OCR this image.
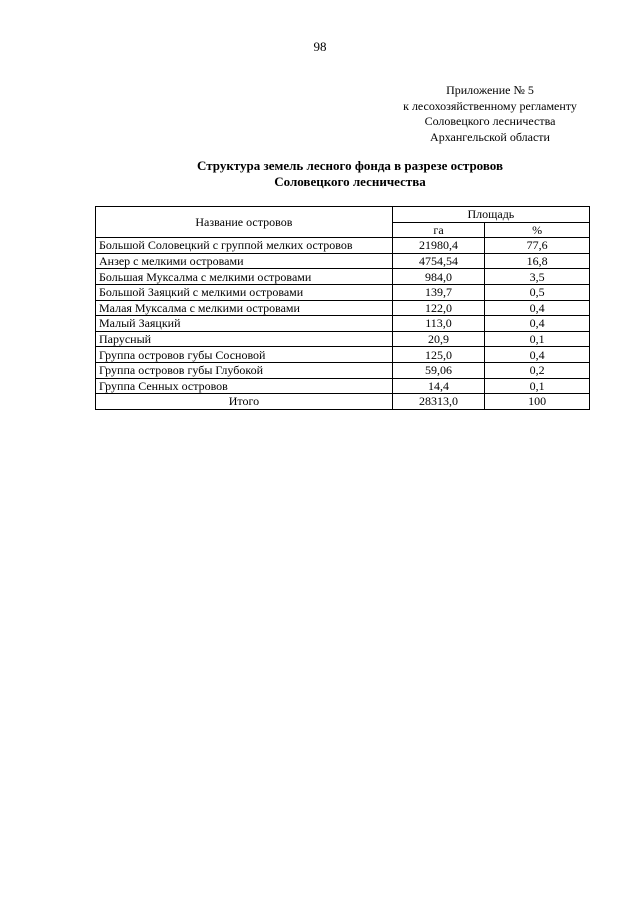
98
Приложение № 5
к лесохозяйственному регламенту
Соловецкого лесничества
Архангельской области
Структура земель лесного фонда в разрезе островов
Соловецкого лесничества
Название островов	Площадь	
	га	%
Большой Соловецкий с группой мелких островов	21980,4	77,6
Анзер с мелкими островами	4754,54	16,8
Большая Муксалма с мелкими островами	984,0	3,5
Большой Заяцкий с мелкими островами	139,7	0,5
Малая Муксалма с мелкими островами	122,0	0,4
Малый Заяцкий	113,0	0,4
Парусный	20,9	0,1
Группа островов губы Сосновой	125,0	0,4
Группа островов губы Глубокой	59,06	0,2
Группа Сенных островов	14,4	0,1
Итого	28313,0	100
